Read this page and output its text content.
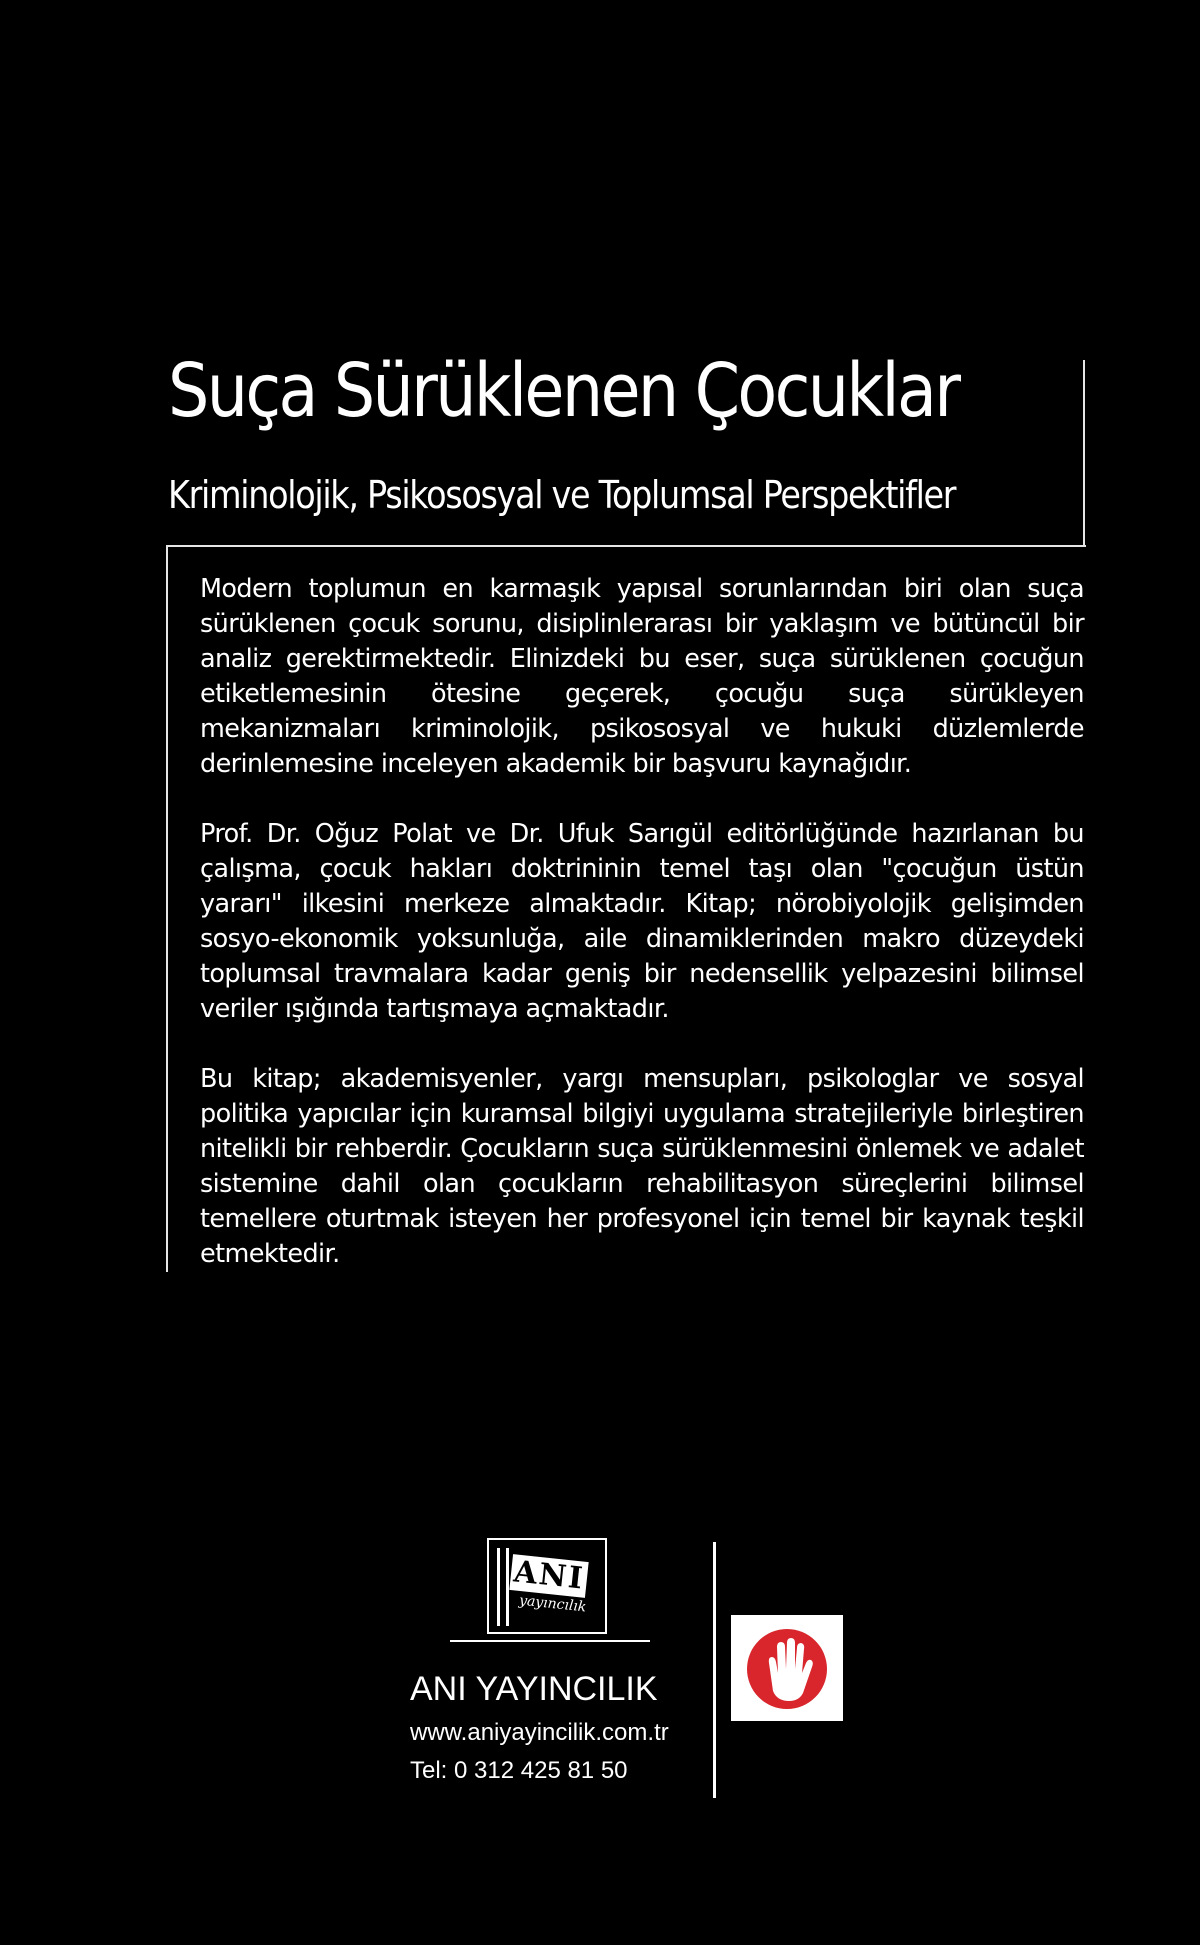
Suça Sürüklenen Çocuklar
Kriminolojik, Psikososyal ve Toplumsal Perspektifler

Modern toplumun en karmaşık yapısal sorunlarından biri olan suça sürüklenen çocuk sorunu, disiplinlerarası bir yaklaşım ve bütüncül bir analiz gerektirmektedir. Elinizdeki bu eser, suça sürüklenen çocuğun etiketlemesinin ötesine geçerek, çocuğu suça sürükleyen mekanizmaları kriminolojik, psikososyal ve hukuki düzlemlerde derinlemesine inceleyen akademik bir başvuru kaynağıdır.

Prof. Dr. Oğuz Polat ve Dr. Ufuk Sarıgül editörlüğünde hazırlanan bu çalışma, çocuk hakları doktrininin temel taşı olan "çocuğun üstün yararı" ilkesini merkeze almaktadır. Kitap; nörobiyolojik gelişimden sosyo-ekonomik yoksunluğa, aile dinamiklerinden makro düzeydeki toplumsal travmalara kadar geniş bir nedensellik yelpazesini bilimsel veriler ışığında tartışmaya açmaktadır.

Bu kitap; akademisyenler, yargı mensupları, psikologlar ve sosyal politika yapıcılar için kuramsal bilgiyi uygulama stratejileriyle birleştiren nitelikli bir rehberdir. Çocukların suça sürüklenmesini önlemek ve adalet sistemine dahil olan çocukların rehabilitasyon süreçlerini bilimsel temellere oturtmak isteyen her profesyonel için temel bir kaynak teşkil etmektedir.

ANI
yayıncılık
ANI YAYINCILIK
www.aniyayincilik.com.tr
Tel: 0 312 425 81 50
